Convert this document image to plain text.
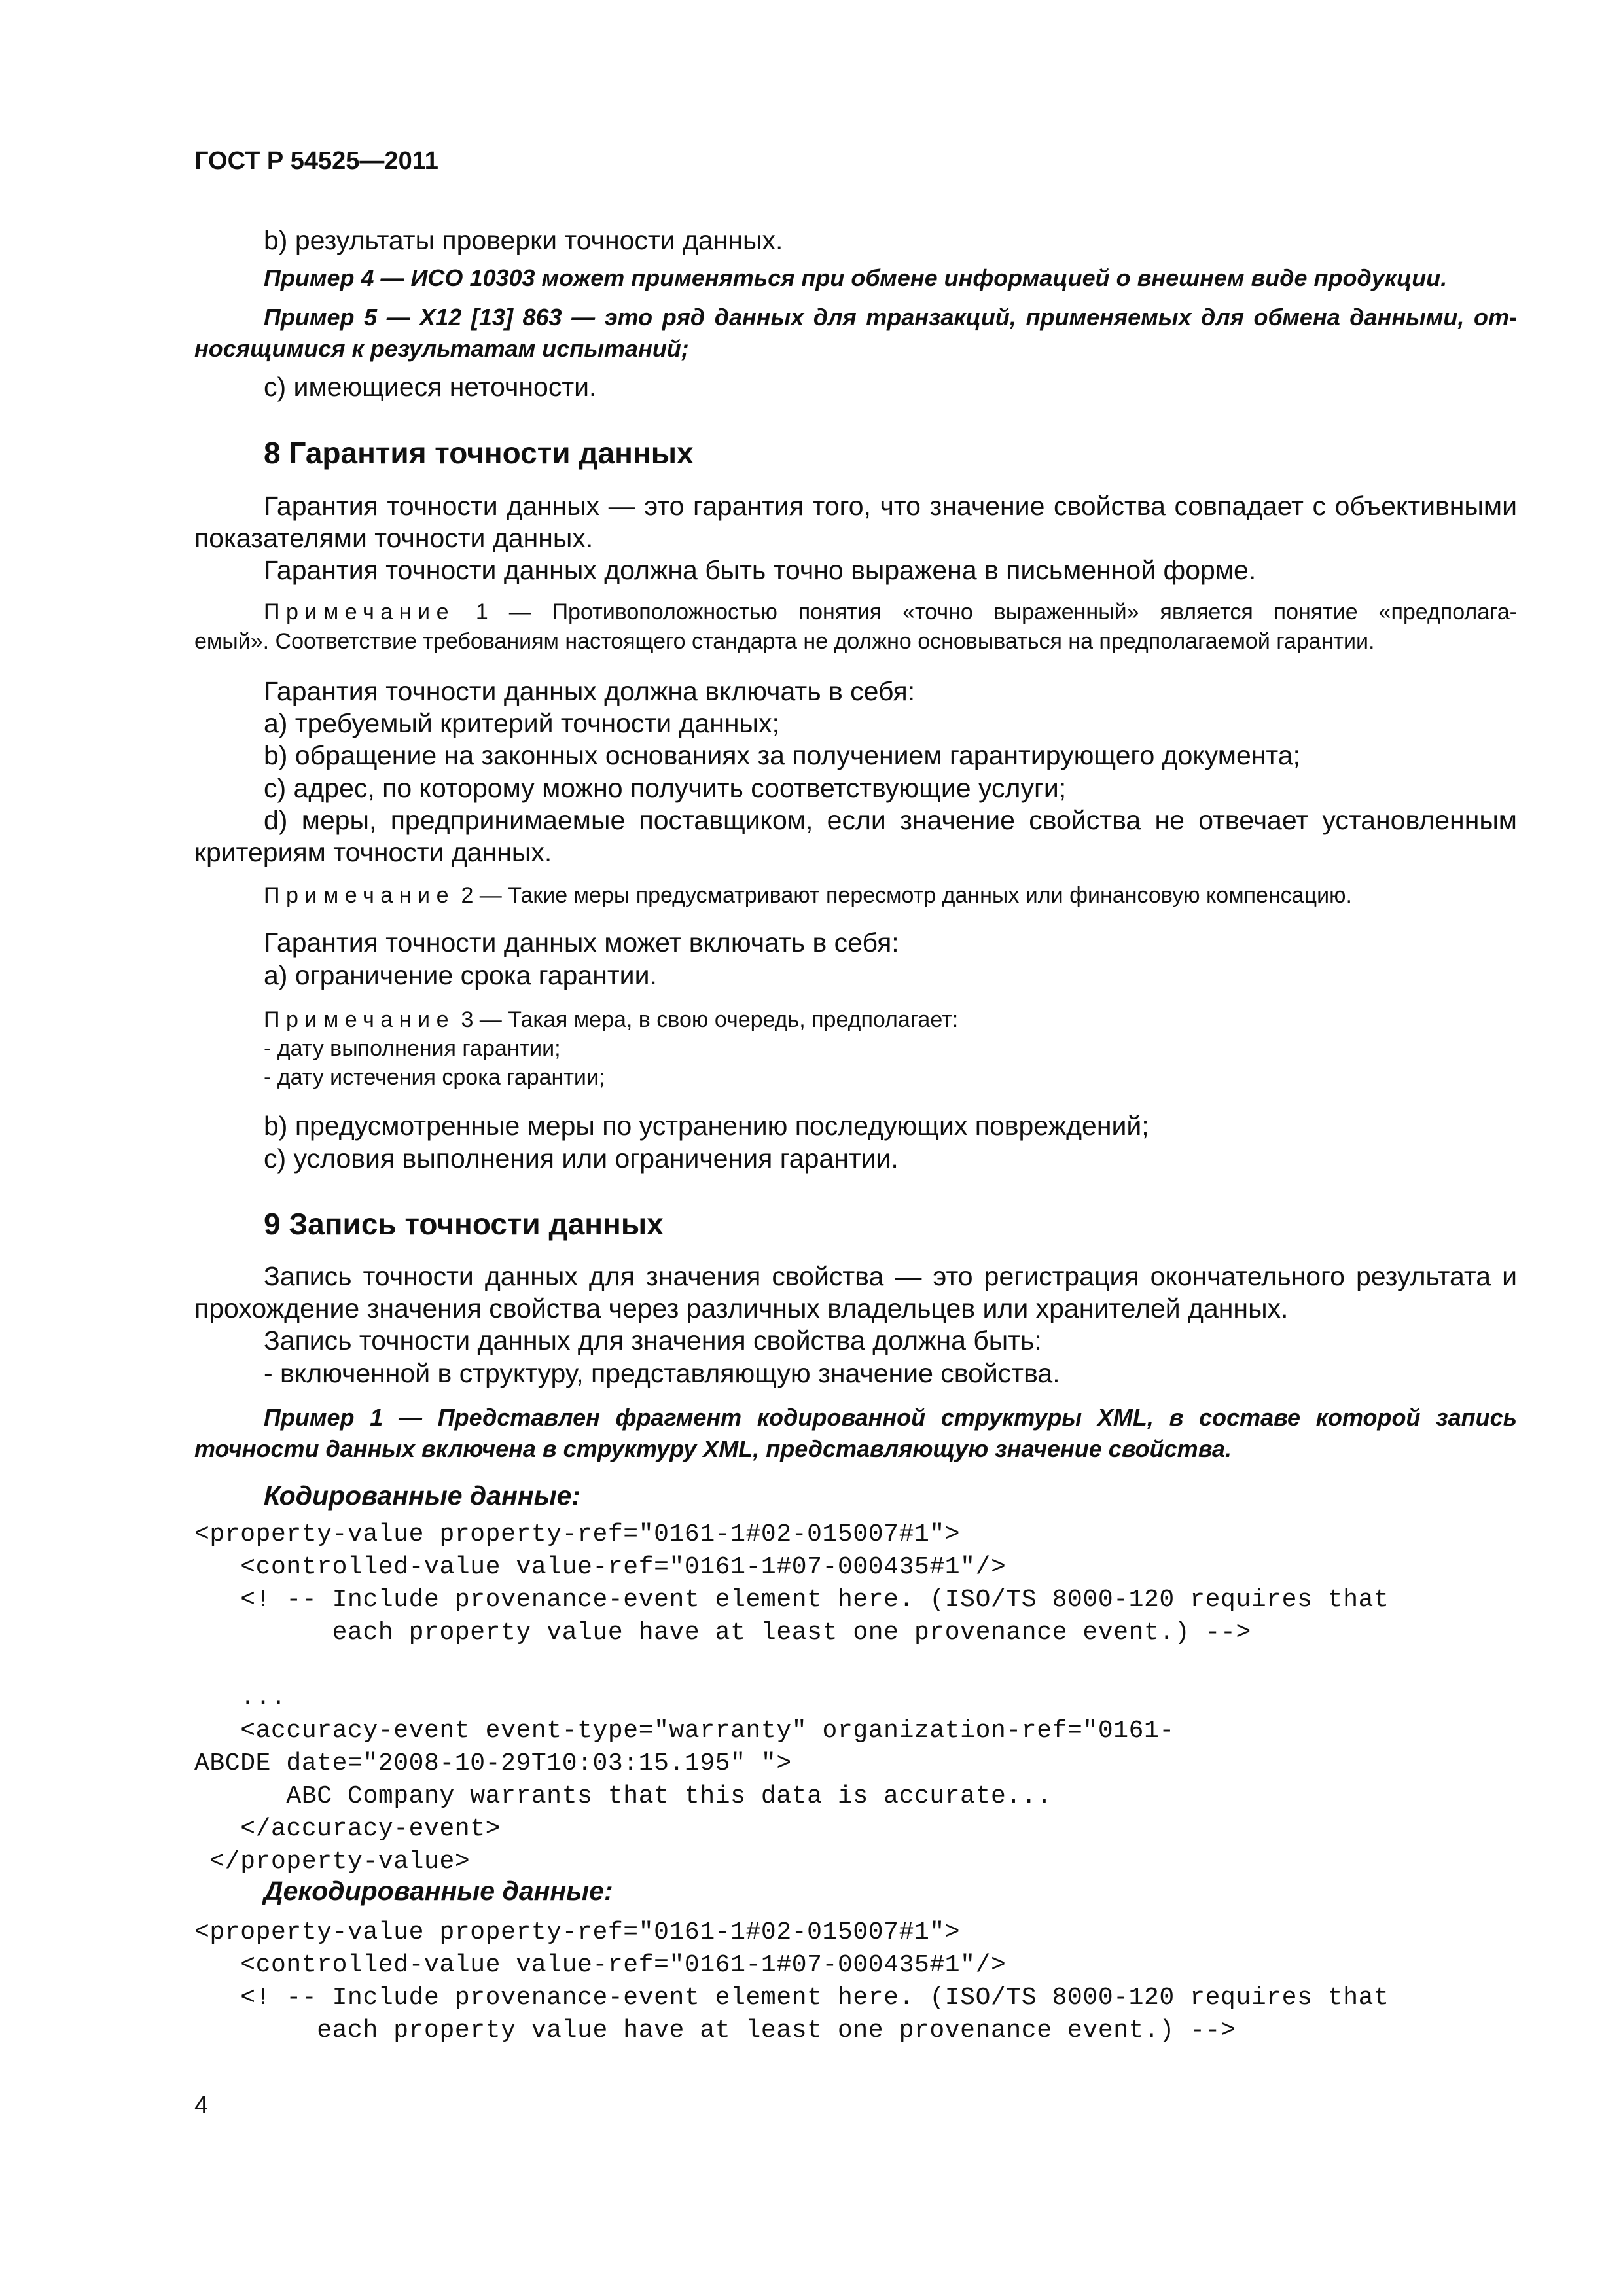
ГОСТ Р 54525—2011
b) результаты проверки точности данных.
Пример 4 — ИСО 10303 может применяться при обмене информацией о внешнем виде продукции.
Пример 5 — X12 [13] 863 — это ряд данных для транзакций, применяемых для обмена данными, от-
носящимися к результатам испытаний;
c) имеющиеся неточности.
8 Гарантия точности данных
Гарантия точности данных — это гарантия того, что значение свойства совпадает с объективными
показателями точности данных.
Гарантия точности данных должна быть точно выражена в письменной форме.
Примечание 1 — Противоположностью понятия «точно выраженный» является понятие «предполага-
емый». Соответствие требованиям настоящего стандарта не должно основываться на предполагаемой гарантии.
Гарантия точности данных должна включать в себя:
a) требуемый критерий точности данных;
b) обращение на законных основаниях за получением гарантирующего документа;
c) адрес, по которому можно получить соответствующие услуги;
d) меры, предпринимаемые поставщиком, если значение свойства не отвечает установленным
критериям точности данных.
Примечание 2 — Такие меры предусматривают пересмотр данных или финансовую компенсацию.
Гарантия точности данных может включать в себя:
a) ограничение срока гарантии.
Примечание 3 — Такая мера, в свою очередь, предполагает:
- дату выполнения гарантии;
- дату истечения срока гарантии;
b) предусмотренные меры по устранению последующих повреждений;
c) условия выполнения или ограничения гарантии.
9 Запись точности данных
Запись точности данных для значения свойства — это регистрация окончательного результата и
прохождение значения свойства через различных владельцев или хранителей данных.
Запись точности данных для значения свойства должна быть:
- включенной в структуру, представляющую значение свойства.
Пример 1 — Представлен фрагмент кодированной структуры XML, в составе которой запись
точности данных включена в структуру XML, представляющую значение свойства.
Кодированные данные:
<property-value property-ref="0161-1#02-015007#1">
<controlled-value value-ref="0161-1#07-000435#1"/>
<! -- Include provenance-event element here. (ISO/TS 8000-120 requires that
each property value have at least one provenance event.) -->

...
<accuracy-event event-type="warranty" organization-ref="0161-
ABCDE date="2008-10-29T10:03:15.195" ">
ABC Company warrants that this data is accurate...
</accuracy-event>
</property-value>
Декодированные данные:
<property-value property-ref="0161-1#02-015007#1">
<controlled-value value-ref="0161-1#07-000435#1"/>
<! -- Include provenance-event element here. (ISO/TS 8000-120 requires that
each property value have at least one provenance event.) -->
4
